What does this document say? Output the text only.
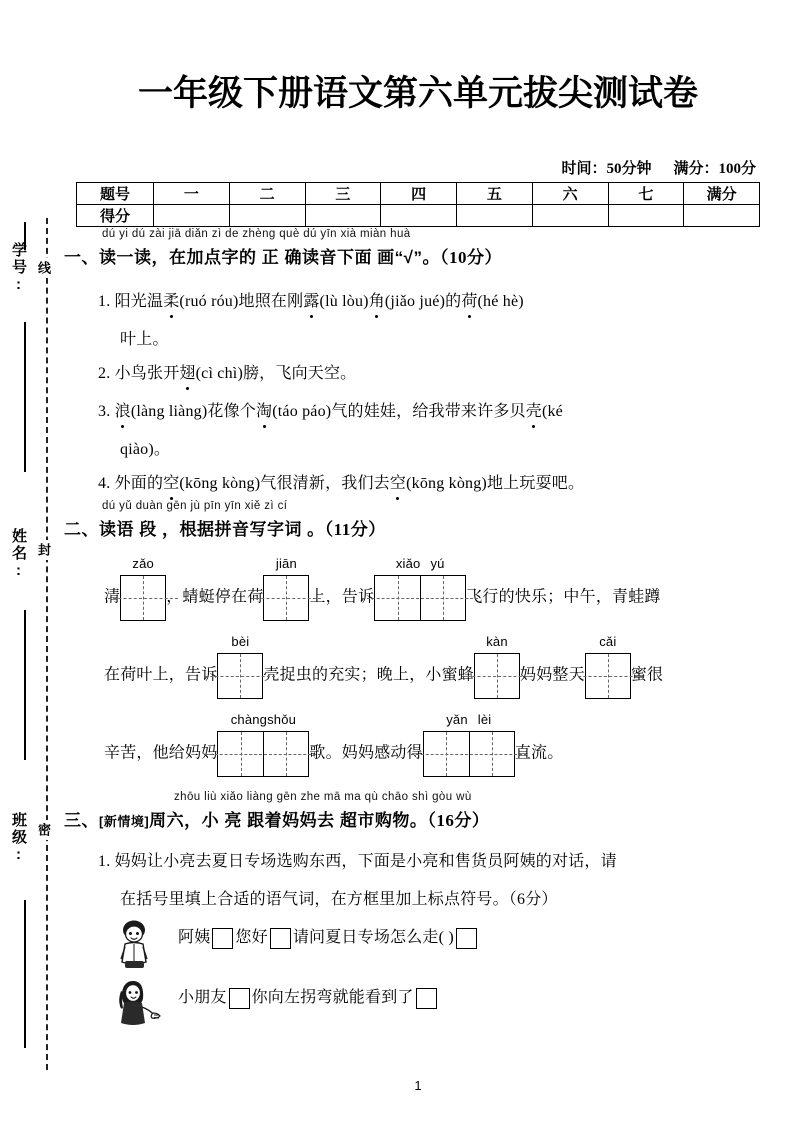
学号: 线
姓名: 封
班级: 密
一年级下册语文第六单元拔尖测试卷
时间：50分钟 满分：100分
题号	一	二	三	四	五	六	七	满分
得分								
dú yi dú zài jiā diǎn zì de zhèng què dú yīn xià miàn huà
一、读一读，在加点字的 正 确读音下面 画“√”。（10分）
1. 阳光温柔(ruó róu)地照在刚露(lù lòu)角(jiǎo jué)的荷(hé hè)
叶上。
2. 小鸟张开翅(cì chì)膀，飞向天空。
3. 浪(làng liàng)花像个淘(táo páo)气的娃娃，给我带来许多贝壳(ké
qiào)。
4. 外面的空(kōng kòng)气很清新，我们去空(kōng kòng)地上玩耍吧。
dú yǔ duàn gēn jù pīn yīn xiě zì cí
二、读语 段 ，根据拼音写字词 。（11分）
清
zǎo
，蜻蜓停在荷
jiān
上，告诉
xiǎo yú
飞行的快乐；中午，青蛙蹲
在荷叶上，告诉
bèi
壳捉虫的充实；晚上，小蜜蜂
kàn
妈妈整天
cǎi
蜜很
辛苦，他给妈妈
chàngshǒu
歌。妈妈感动得
yǎn lèi
直流。
zhōu liù xiǎo liàng gēn zhe mā ma qù chāo shì gòu wù
三、[新情境]周六，小 亮 跟着妈妈去 超市购物。（16分）
1. 妈妈让小亮去夏日专场选购东西，下面是小亮和售货员阿姨的对话，请
在括号里填上合适的语气词，在方框里加上标点符号。（6分）
阿姨 您好 请问夏日专场怎么走( )
小朋友 你向左拐弯就能看到了
1
